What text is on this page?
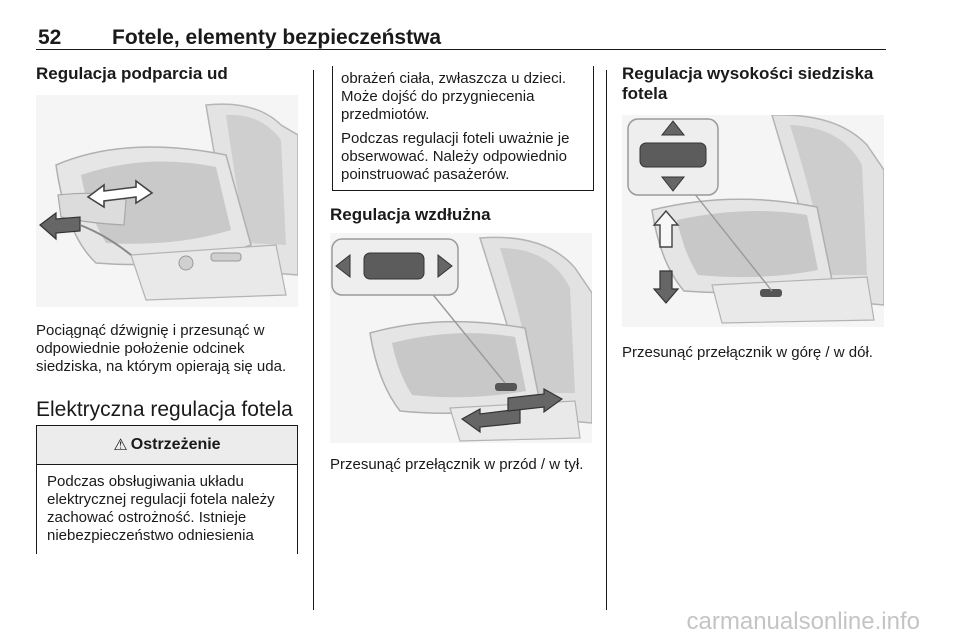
52 Fotele, elementy bezpieczeństwa
Regulacja podparcia ud
Pociągnąć dźwignię i przesunąć w odpowiednie położenie odcinek siedziska, na którym opierają się uda.
Elektryczna regulacja fotela
⚠ Ostrzeżenie
Podczas obsługiwania układu elektrycznej regulacji fotela należy zachować ostrożność. Istnieje niebezpieczeństwo odniesienia

obrażeń ciała, zwłaszcza u dzieci. Może dojść do przygniecenia przedmiotów.

Podczas regulacji foteli uważnie je obserwować. Należy odpowiednio poinstruować pasażerów.

Regulacja wzdłużna
Przesunąć przełącznik w przód / w tył.
Regulacja wysokości siedziska fotela
Przesunąć przełącznik w górę / w dół.
carmanualsonline.info
